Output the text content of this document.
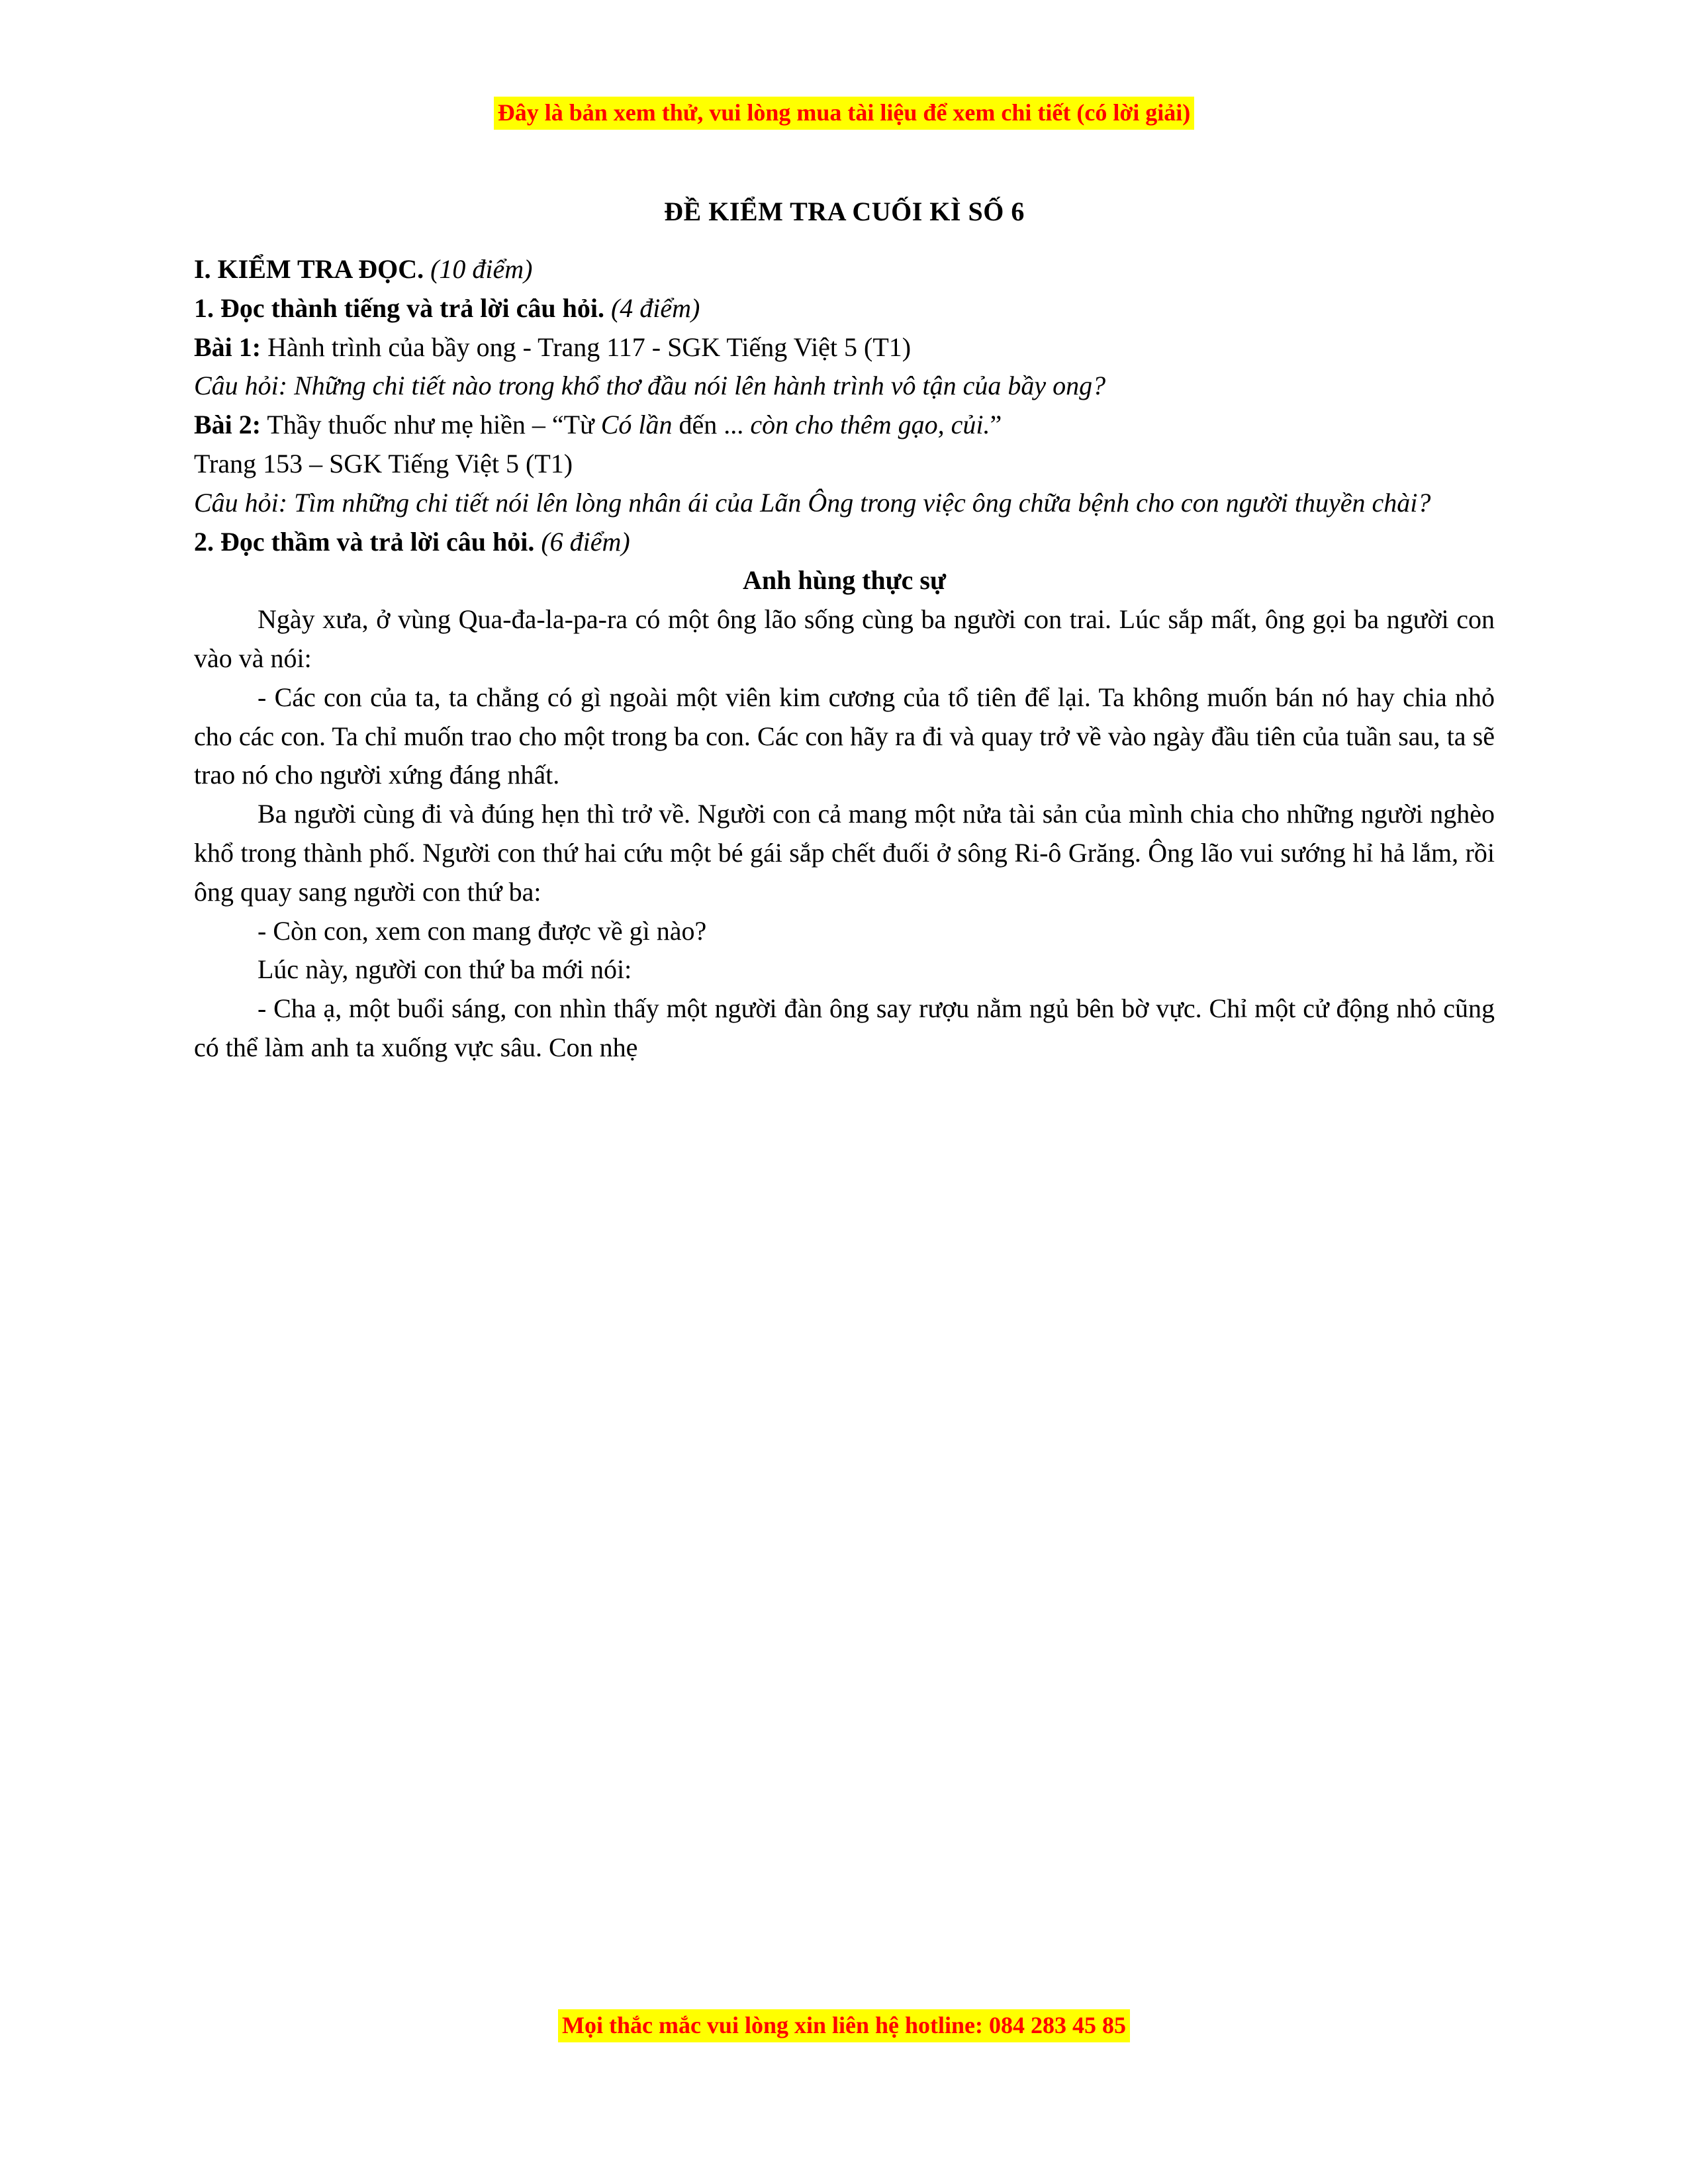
Đây là bản xem thử, vui lòng mua tài liệu để xem chi tiết (có lời giải)
ĐỀ KIỂM TRA CUỐI KÌ SỐ 6

I. KIỂM TRA ĐỌC. (10 điểm)

1. Đọc thành tiếng và trả lời câu hỏi. (4 điểm)

Bài 1: Hành trình của bầy ong - Trang 117 - SGK Tiếng Việt 5 (T1)

Câu hỏi: Những chi tiết nào trong khổ thơ đầu nói lên hành trình vô tận của bầy ong?

Bài 2: Thầy thuốc như mẹ hiền – “Từ Có lần đến ... còn cho thêm gạo, củi.”

Trang 153 – SGK Tiếng Việt 5 (T1)

Câu hỏi: Tìm những chi tiết nói lên lòng nhân ái của Lãn Ông trong việc ông chữa bệnh cho con người thuyền chài?

2. Đọc thầm và trả lời câu hỏi. (6 điểm)

Anh hùng thực sự

Ngày xưa, ở vùng Qua-đa-la-pa-ra có một ông lão sống cùng ba người con trai. Lúc sắp mất, ông gọi ba người con vào và nói:

- Các con của ta, ta chẳng có gì ngoài một viên kim cương của tổ tiên để lại. Ta không muốn bán nó hay chia nhỏ cho các con. Ta chỉ muốn trao cho một trong ba con. Các con hãy ra đi và quay trở về vào ngày đầu tiên của tuần sau, ta sẽ trao nó cho người xứng đáng nhất.

Ba người cùng đi và đúng hẹn thì trở về. Người con cả mang một nửa tài sản của mình chia cho những người nghèo khổ trong thành phố. Người con thứ hai cứu một bé gái sắp chết đuối ở sông Ri-ô Grăng. Ông lão vui sướng hỉ hả lắm, rồi ông quay sang người con thứ ba:

- Còn con, xem con mang được về gì nào?

Lúc này, người con thứ ba mới nói:

- Cha ạ, một buổi sáng, con nhìn thấy một người đàn ông say rượu nằm ngủ bên bờ vực. Chỉ một cử động nhỏ cũng có thể làm anh ta xuống vực sâu. Con nhẹ

Mọi thắc mắc vui lòng xin liên hệ hotline: 084 283 45 85
